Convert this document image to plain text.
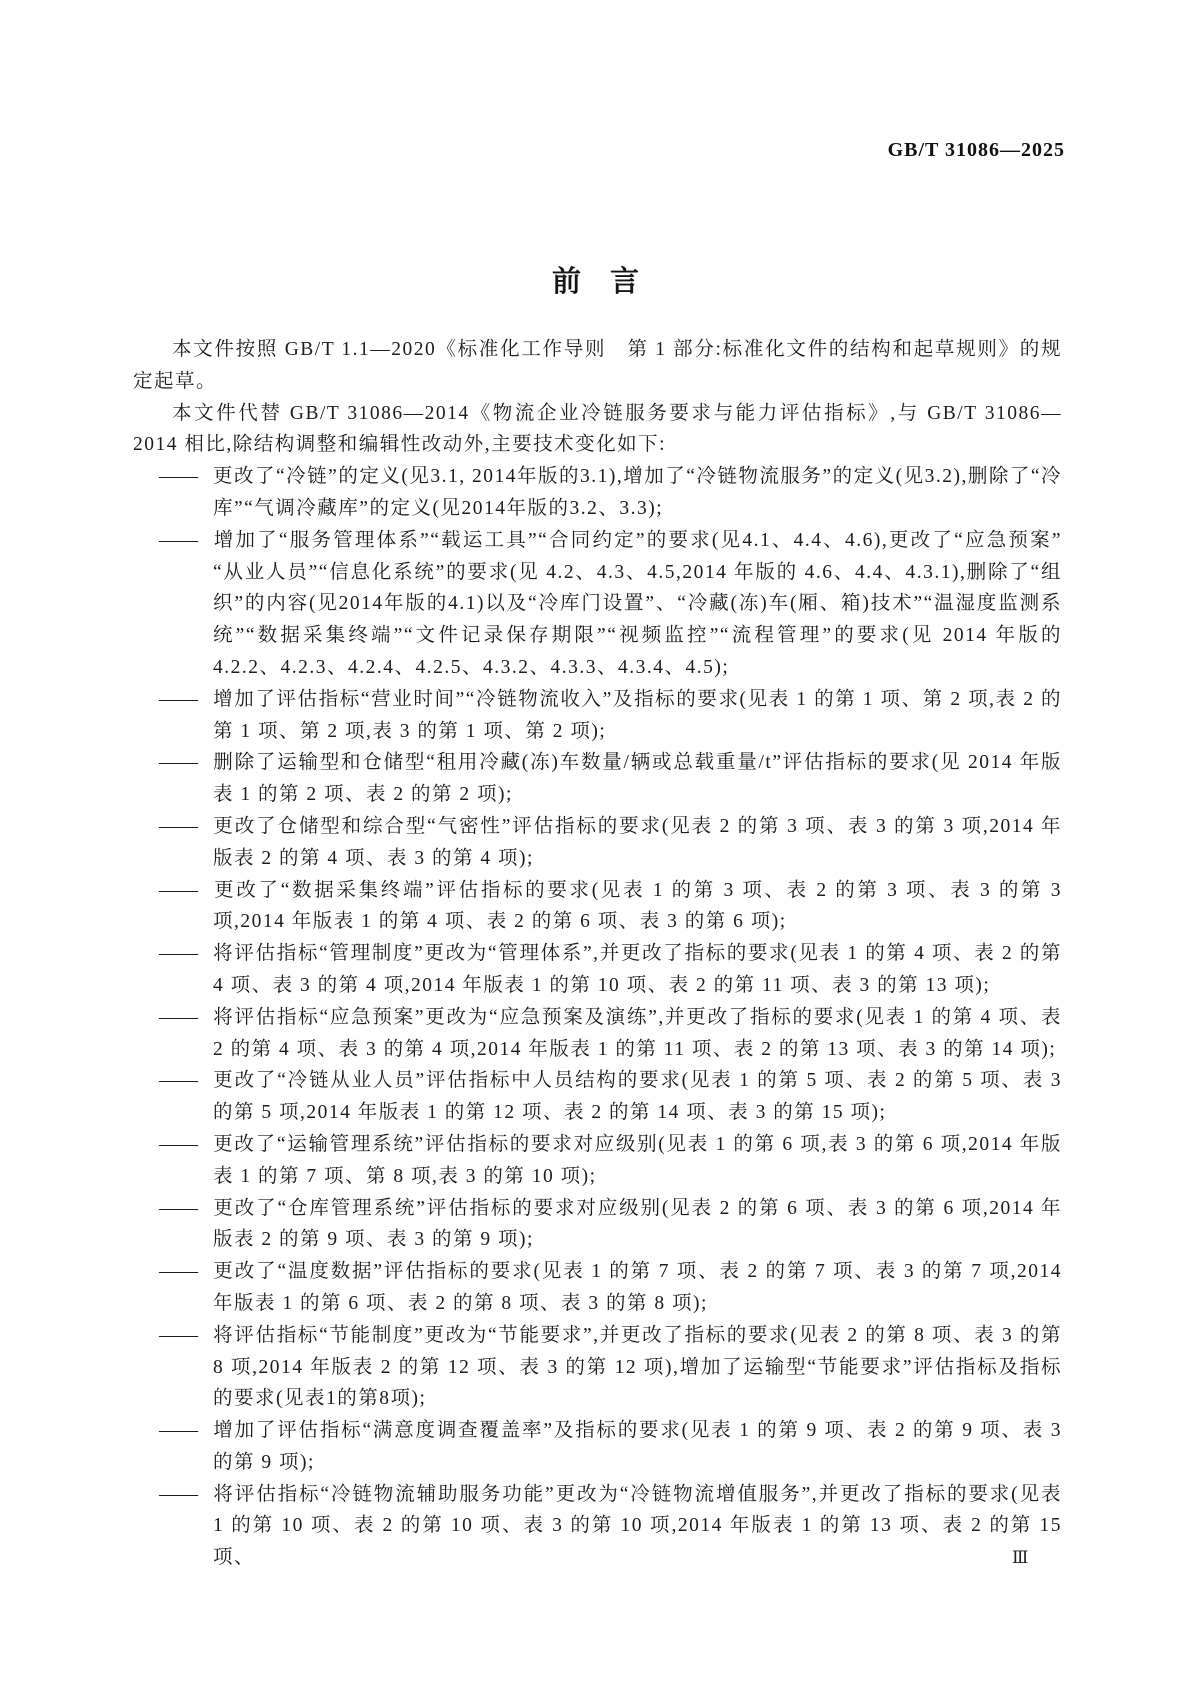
GB/T 31086—2025
前　言

本文件按照 GB/T 1.1—2020《标准化工作导则　第 1 部分:标准化文件的结构和起草规则》的规定起草。

本文件代替 GB/T 31086—2014《物流企业冷链服务要求与能力评估指标》,与 GB/T 31086—2014 相比,除结构调整和编辑性改动外,主要技术变化如下:

—— 更改了“冷链”的定义(见3.1, 2014年版的3.1),增加了“冷链物流服务”的定义(见3.2),删除了“冷库”“气调冷藏库”的定义(见2014年版的3.2、3.3);
—— 增加了“服务管理体系”“载运工具”“合同约定”的要求(见4.1、4.4、4.6),更改了“应急预案”“从业人员”“信息化系统”的要求(见 4.2、4.3、4.5,2014 年版的 4.6、4.4、4.3.1),删除了“组织”的内容(见2014年版的4.1)以及“冷库门设置”、“冷藏(冻)车(厢、箱)技术”“温湿度监测系统”“数据采集终端”“文件记录保存期限”“视频监控”“流程管理”的要求(见 2014 年版的4.2.2、4.2.3、4.2.4、4.2.5、4.3.2、4.3.3、4.3.4、4.5);
—— 增加了评估指标“营业时间”“冷链物流收入”及指标的要求(见表 1 的第 1 项、第 2 项,表 2 的第 1 项、第 2 项,表 3 的第 1 项、第 2 项);
—— 删除了运输型和仓储型“租用冷藏(冻)车数量/辆或总载重量/t”评估指标的要求(见 2014 年版表 1 的第 2 项、表 2 的第 2 项);
—— 更改了仓储型和综合型“气密性”评估指标的要求(见表 2 的第 3 项、表 3 的第 3 项,2014 年版表 2 的第 4 项、表 3 的第 4 项);
—— 更改了“数据采集终端”评估指标的要求(见表 1 的第 3 项、表 2 的第 3 项、表 3 的第 3 项,2014 年版表 1 的第 4 项、表 2 的第 6 项、表 3 的第 6 项);
—— 将评估指标“管理制度”更改为“管理体系”,并更改了指标的要求(见表 1 的第 4 项、表 2 的第 4 项、表 3 的第 4 项,2014 年版表 1 的第 10 项、表 2 的第 11 项、表 3 的第 13 项);
—— 将评估指标“应急预案”更改为“应急预案及演练”,并更改了指标的要求(见表 1 的第 4 项、表 2 的第 4 项、表 3 的第 4 项,2014 年版表 1 的第 11 项、表 2 的第 13 项、表 3 的第 14 项);
—— 更改了“冷链从业人员”评估指标中人员结构的要求(见表 1 的第 5 项、表 2 的第 5 项、表 3 的第 5 项,2014 年版表 1 的第 12 项、表 2 的第 14 项、表 3 的第 15 项);
—— 更改了“运输管理系统”评估指标的要求对应级别(见表 1 的第 6 项,表 3 的第 6 项,2014 年版表 1 的第 7 项、第 8 项,表 3 的第 10 项);
—— 更改了“仓库管理系统”评估指标的要求对应级别(见表 2 的第 6 项、表 3 的第 6 项,2014 年版表 2 的第 9 项、表 3 的第 9 项);
—— 更改了“温度数据”评估指标的要求(见表 1 的第 7 项、表 2 的第 7 项、表 3 的第 7 项,2014 年版表 1 的第 6 项、表 2 的第 8 项、表 3 的第 8 项);
—— 将评估指标“节能制度”更改为“节能要求”,并更改了指标的要求(见表 2 的第 8 项、表 3 的第 8 项,2014 年版表 2 的第 12 项、表 3 的第 12 项),增加了运输型“节能要求”评估指标及指标的要求(见表1的第8项);
—— 增加了评估指标“满意度调查覆盖率”及指标的要求(见表 1 的第 9 项、表 2 的第 9 项、表 3 的第 9 项);
—— 将评估指标“冷链物流辅助服务功能”更改为“冷链物流增值服务”,并更改了指标的要求(见表 1 的第 10 项、表 2 的第 10 项、表 3 的第 10 项,2014 年版表 1 的第 13 项、表 2 的第 15 项、	Ⅲ
